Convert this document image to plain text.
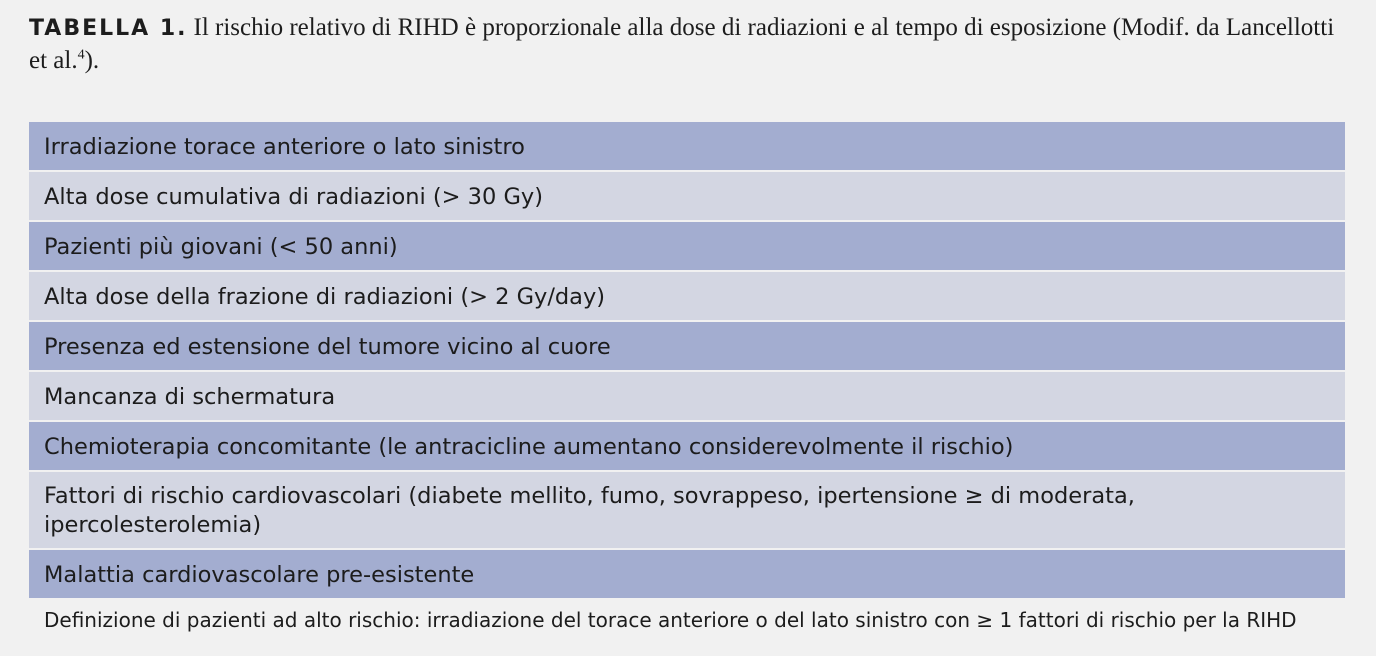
TABELLA 1. Il rischio relativo di RIHD è proporzionale alla dose di radiazioni e al tempo di esposizione (Modif. da Lancellotti et al.$^4$).
Irradiazione torace anteriore o lato sinistro
Alta dose cumulativa di radiazioni (> 30 Gy)
Pazienti più giovani (< 50 anni)
Alta dose della frazione di radiazioni (> 2 Gy/day)
Presenza ed estensione del tumore vicino al cuore
Mancanza di schermatura
Chemioterapia concomitante (le antracicline aumentano considerevolmente il rischio)
Fattori di rischio cardiovascolari (diabete mellito, fumo, sovrappeso, ipertensione ≥ di moderata, ipercolesterolemia)
Malattia cardiovascolare pre-esistente
Definizione di pazienti ad alto rischio: irradiazione del torace anteriore o del lato sinistro con ≥ 1 fattori di rischio per la RIHD
